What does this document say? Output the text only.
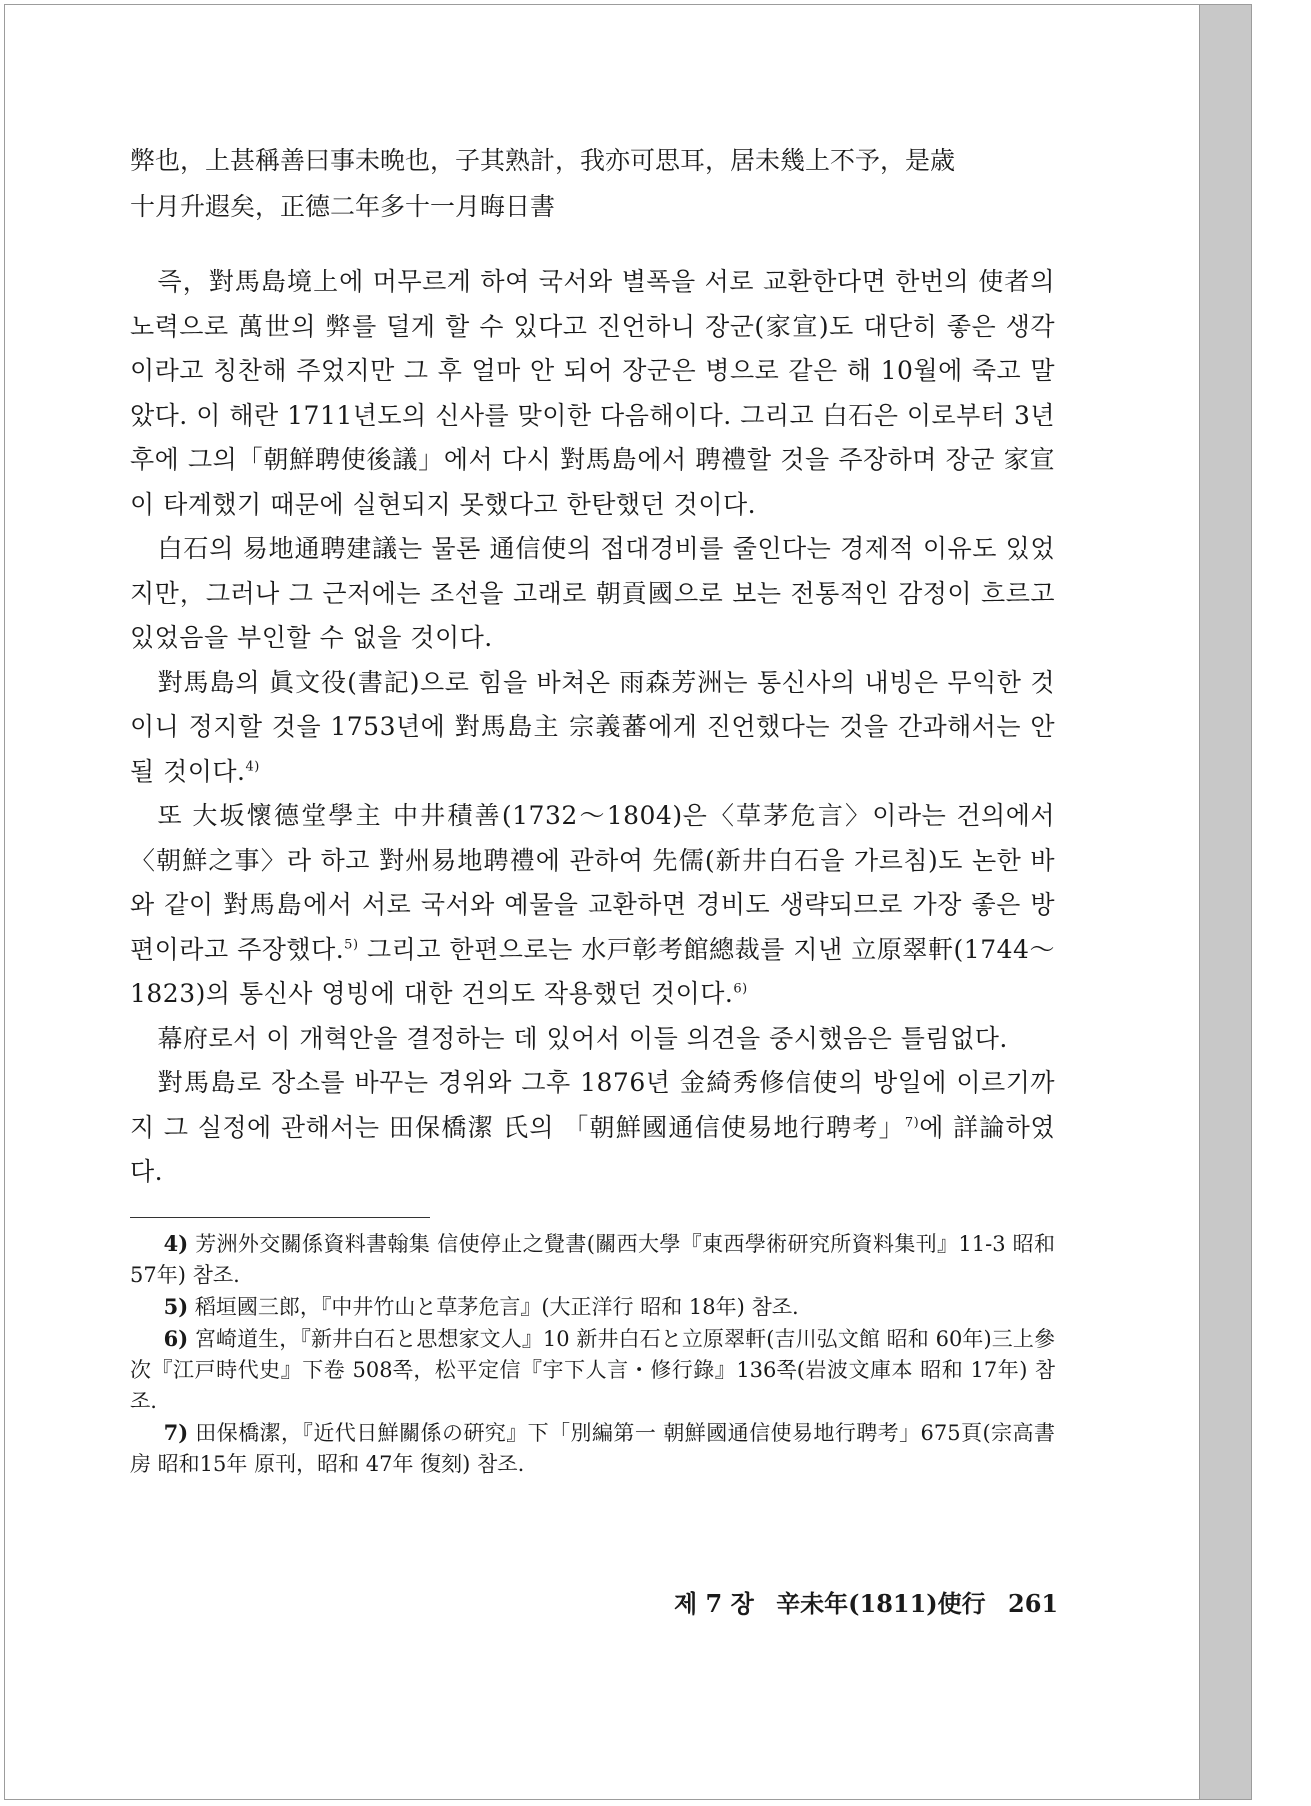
弊也，上甚稱善曰事未晩也，子其熟計，我亦可思耳，居未幾上不予，是歳

十月升遐矣，正德二年多十一月晦日書

즉，對馬島境上에 머무르게 하여 국서와 별폭을 서로 교환한다면 한번의 使者의 노력으로 萬世의 弊를 덜게 할 수 있다고 진언하니 장군(家宣)도 대단히 좋은 생각이라고 칭찬해 주었지만 그 후 얼마 안 되어 장군은 병으로 같은 해 10월에 죽고 말았다. 이 해란 1711년도의 신사를 맞이한 다음해이다. 그리고 白石은 이로부터 3년 후에 그의「朝鮮聘使後議」에서 다시 對馬島에서 聘禮할 것을 주장하며 장군 家宣이 타계했기 때문에 실현되지 못했다고 한탄했던 것이다.

白石의 易地通聘建議는 물론 通信使의 접대경비를 줄인다는 경제적 이유도 있었지만，그러나 그 근저에는 조선을 고래로 朝貢國으로 보는 전통적인 감정이 흐르고 있었음을 부인할 수 없을 것이다.

對馬島의 眞文役(書記)으로 힘을 바쳐온 雨森芳洲는 통신사의 내빙은 무익한 것이니 정지할 것을 1753년에 對馬島主 宗義蕃에게 진언했다는 것을 간과해서는 안 될 것이다.$^{4)}$

또 大坂懷德堂學主 中井積善(1732～1804)은〈草茅危言〉이라는 건의에서〈朝鮮之事〉라 하고 對州易地聘禮에 관하여 先儒(新井白石을 가르침)도 논한 바와 같이 對馬島에서 서로 국서와 예물을 교환하면 경비도 생략되므로 가장 좋은 방편이라고 주장했다.$^{5)}$ 그리고 한편으로는 水戸彰考館總裁를 지낸 立原翠軒(1744～1823)의 통신사 영빙에 대한 건의도 작용했던 것이다.$^{6)}$

幕府로서 이 개혁안을 결정하는 데 있어서 이들 의견을 중시했음은 틀림없다.

對馬島로 장소를 바꾸는 경위와 그후 1876년 金綺秀修信使의 방일에 이르기까지 그 실정에 관해서는 田保橋潔 氏의 「朝鮮國通信使易地行聘考」$^{7)}$에 詳論하였다.

4) 芳洲外交關係資料書翰集 信使停止之覺書(關西大學『東西學術研究所資料集刊』11-3 昭和 57年) 참조.

5) 稻垣國三郎，『中井竹山と草茅危言』(大正洋行 昭和 18年) 참조.

6) 宮崎道生，『新井白石と思想家文人』10 新井白石と立原翠軒(吉川弘文館 昭和 60年)三上參次『江戸時代史』下卷 508쪽，松平定信『宇下人言・修行錄』136쪽(岩波文庫本 昭和 17年) 참조.

7) 田保橋潔，『近代日鮮關係の硏究』下「別編第一 朝鮮國通信使易地行聘考」675頁(宗高書房 昭和15年 原刊，昭和 47年 復刻) 참조.

제 7 장 辛未年(1811)使行 261
